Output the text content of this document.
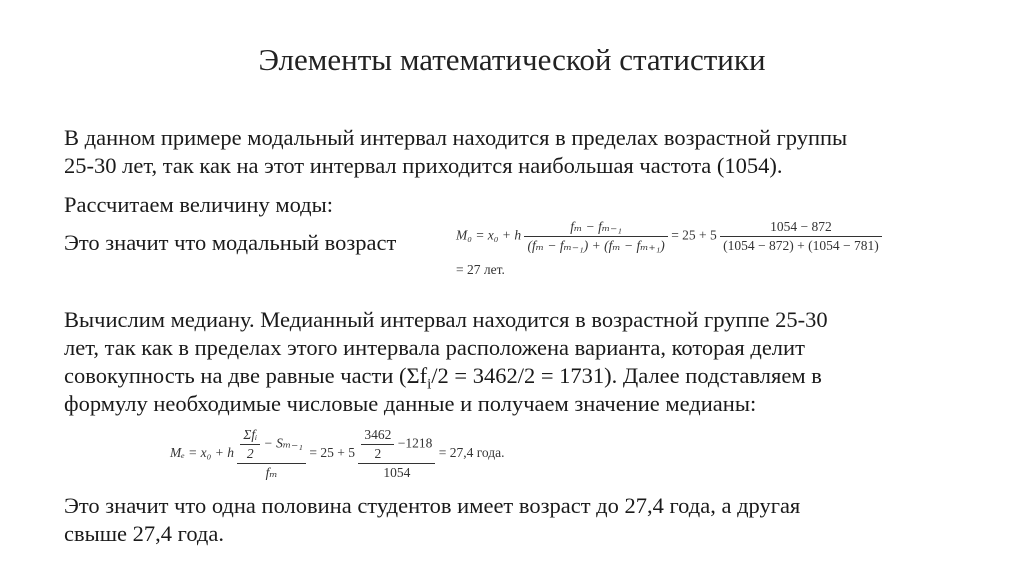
Элементы математической статистики
В данном примере модальный интервал находится в пределах возрастной группы
25-30 лет, так как на этот интервал приходится наибольшая частота (1054).
Рассчитаем величину моды:
Это значит что модальный возраст	M₀ = x₀ + h $\frac{\text{fₘ − fₘ₋₁}}{\text{(fₘ − fₘ₋₁) + (fₘ − fₘ₊₁)}} = 25 + 5 \frac{1054 - 872}{(1054 - 872) + (1054 - 781)}$
= 27 лет.
Вычислим медиану. Медианный интервал находится в возрастной группе 25-30
лет, так как в пределах этого интервала расположена варианта, которая делит
совокупность на две равные части $(\Sigma f_i/2 = 3462/2 = 1731)$. Далее подставляем в
формулу необходимые числовые данные и получаем значение медианы:
Mₑ = x₀ + h $\frac{\frac{\text{Σfᵢ}}{2} - S_{m-1}}{\text{fₘ}} = 25 + 5 \frac{\frac{3462}{2} -1218}{1054} = 27,4$ года.
Это значит что одна половина студентов имеет возраст до 27,4 года, а другая
свыше 27,4 года.
